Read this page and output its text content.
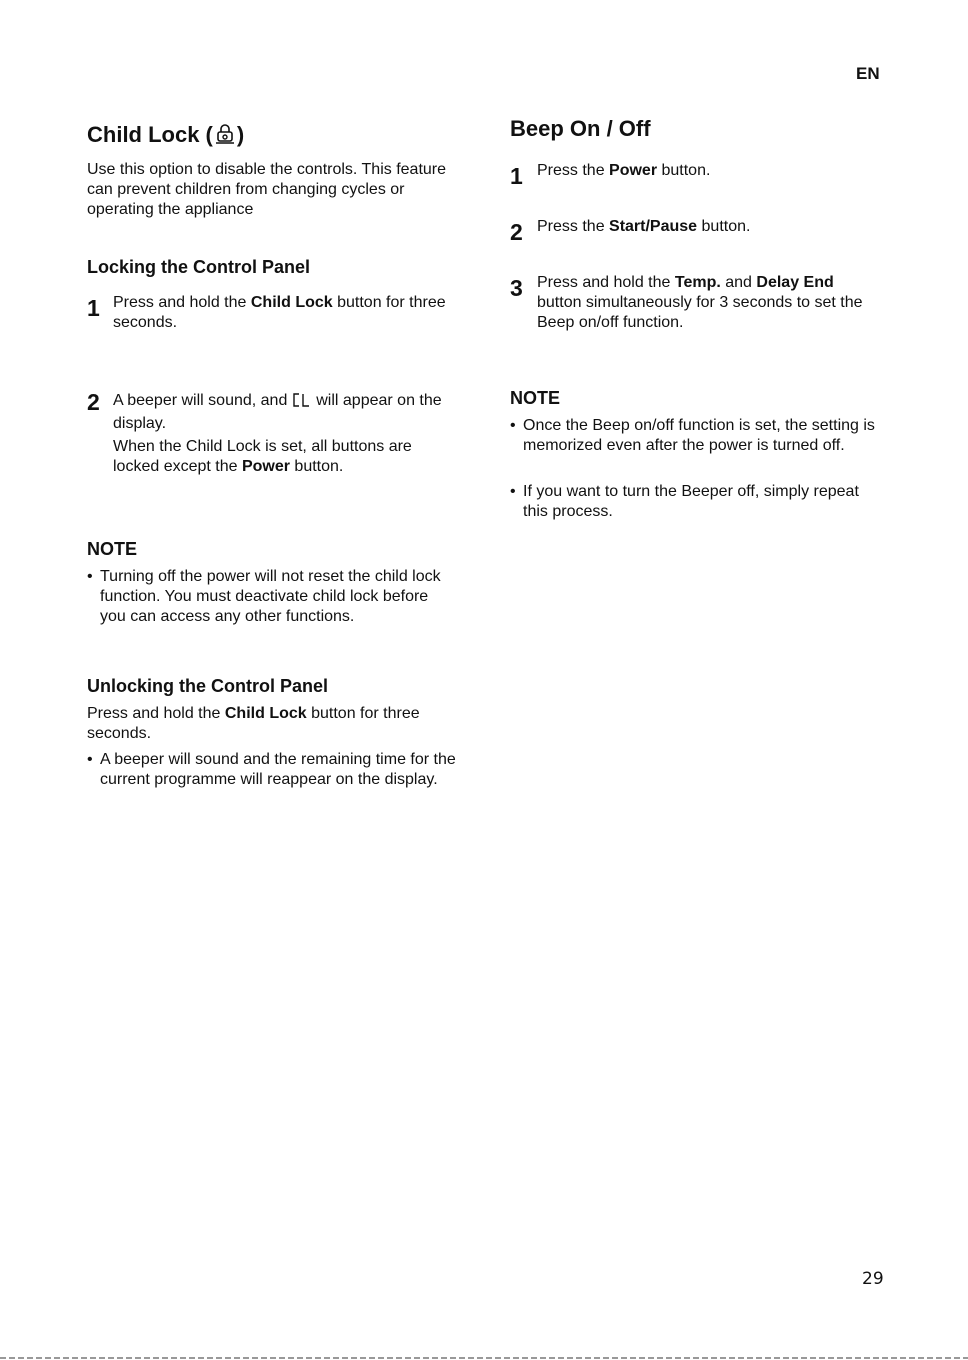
EN
Child Lock ( )
Use this option to disable the controls. This feature can prevent children from changing cycles or operating the appliance
Locking the Control Panel
1 Press and hold the Child Lock button for three seconds.
2 A beeper will sound, and  will appear on the display.
When the Child Lock is set, all buttons are locked except the Power button.
NOTE
• Turning off the power will not reset the child lock function. You must deactivate child lock before you can access any other functions.
Unlocking the Control Panel
Press and hold the Child Lock button for three seconds.
• A beeper will sound and the remaining time for the current programme will reappear on the display.
Beep On / Off
1 Press the Power button.
2 Press the Start/Pause button.
3 Press and hold the Temp. and Delay End button simultaneously for 3 seconds to set the Beep on/off function.
NOTE
• Once the Beep on/off function is set, the setting is memorized even after the power is turned off.
• If you want to turn the Beeper off, simply repeat this process.
29
